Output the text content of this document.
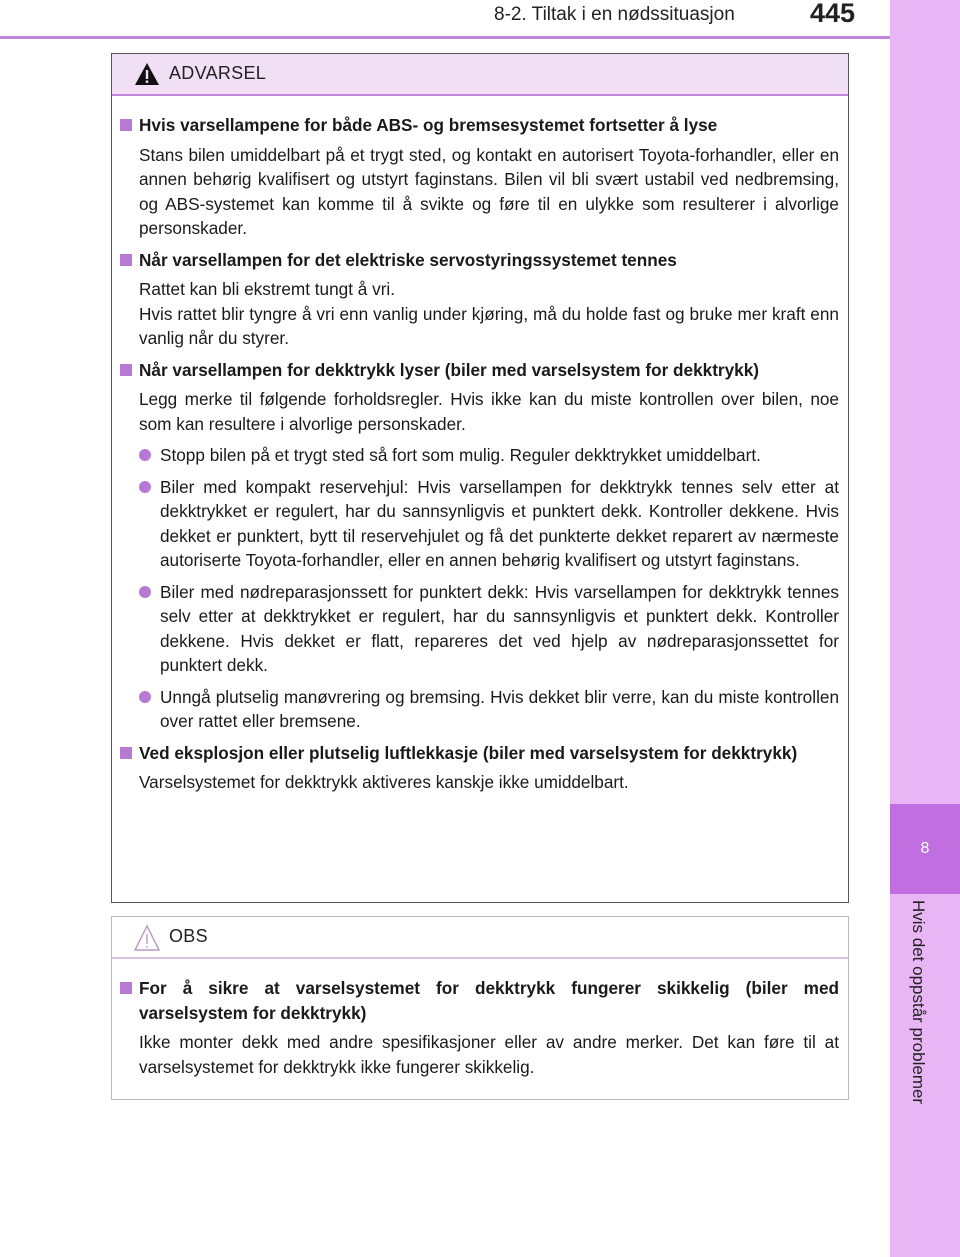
8-2. Tiltak i en nødssituasjon	445
8
Hvis det oppstår problemer
ADVARSEL
Hvis varsellampene for både ABS- og bremsesystemet fortsetter å lyse
Stans bilen umiddelbart på et trygt sted, og kontakt en autorisert Toyota-forhandler, eller en annen behørig kvalifisert og utstyrt faginstans. Bilen vil bli svært ustabil ved nedbremsing, og ABS-systemet kan komme til å svikte og føre til en ulykke som resulterer i alvorlige personskader.
Når varsellampen for det elektriske servostyringssystemet tennes
Rattet kan bli ekstremt tungt å vri.
Hvis rattet blir tyngre å vri enn vanlig under kjøring, må du holde fast og bruke mer kraft enn vanlig når du styrer.
Når varsellampen for dekktrykk lyser (biler med varselsystem for dekktrykk)
Legg merke til følgende forholdsregler. Hvis ikke kan du miste kontrollen over bilen, noe som kan resultere i alvorlige personskader.
Stopp bilen på et trygt sted så fort som mulig. Reguler dekktrykket umiddelbart.
Biler med kompakt reservehjul: Hvis varsellampen for dekktrykk tennes selv etter at dekktrykket er regulert, har du sannsynligvis et punktert dekk. Kontroller dekkene. Hvis dekket er punktert, bytt til reservehjulet og få det punkterte dekket reparert av nærmeste autoriserte Toyota-forhandler, eller en annen behørig kvalifisert og utstyrt faginstans.
Biler med nødreparasjonssett for punktert dekk: Hvis varsellampen for dekktrykk tennes selv etter at dekktrykket er regulert, har du sannsynligvis et punktert dekk. Kontroller dekkene. Hvis dekket er flatt, repareres det ved hjelp av nødreparasjonssettet for punktert dekk.
Unngå plutselig manøvrering og bremsing. Hvis dekket blir verre, kan du miste kontrollen over rattet eller bremsene.
Ved eksplosjon eller plutselig luftlekkasje (biler med varselsystem for dekktrykk)
Varselsystemet for dekktrykk aktiveres kanskje ikke umiddelbart.
OBS
For å sikre at varselsystemet for dekktrykk fungerer skikkelig (biler med varselsystem for dekktrykk)
Ikke monter dekk med andre spesifikasjoner eller av andre merker. Det kan føre til at varselsystemet for dekktrykk ikke fungerer skikkelig.
